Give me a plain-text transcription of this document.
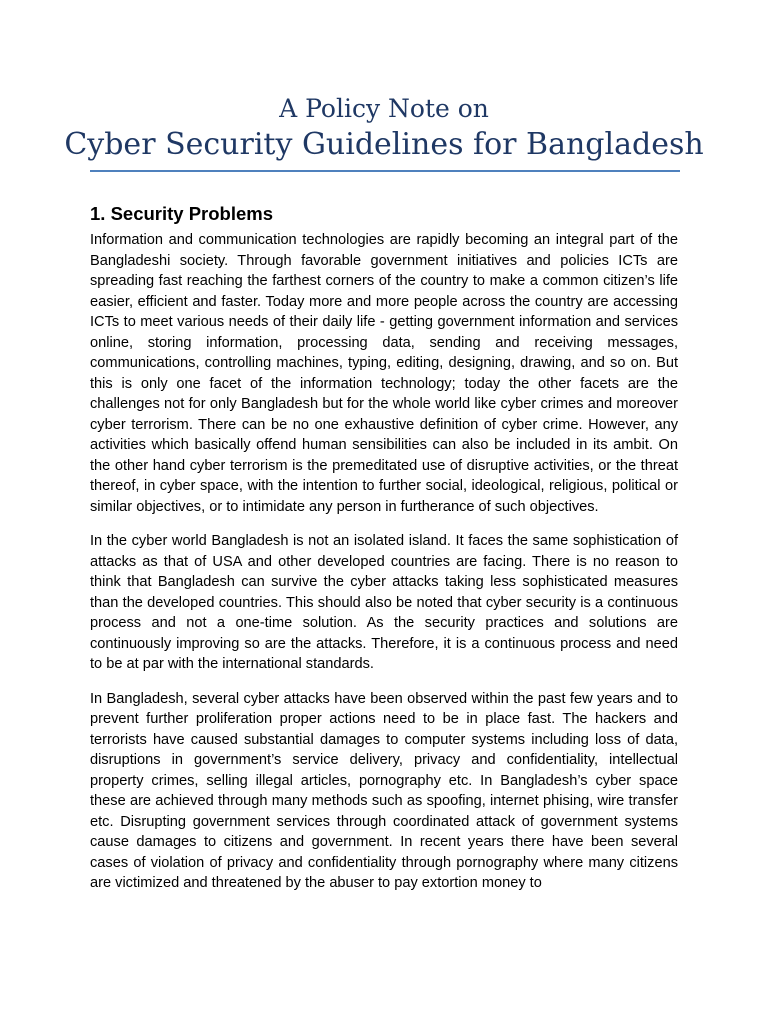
A Policy Note on
Cyber Security Guidelines for Bangladesh
1. Security Problems

Information and communication technologies are rapidly becoming an integral part of the Bangladeshi society. Through favorable government initiatives and policies ICTs are spreading fast reaching the farthest corners of the country to make a common citizen’s life easier, efficient and faster. Today more and more people across the country are accessing ICTs to meet various needs of their daily life - getting government information and services online, storing information, processing data, sending and receiving messages, communications, controlling machines, typing, editing, designing, drawing, and so on. But this is only one facet of the information technology; today the other facets are the challenges not for only Bangladesh but for the whole world like cyber crimes and moreover cyber terrorism. There can be no one exhaustive definition of cyber crime. However, any activities which basically offend human sensibilities can also be included in its ambit. On the other hand cyber terrorism is the premeditated use of disruptive activities, or the threat thereof, in cyber space, with the intention to further social, ideological, religious, political or similar objectives, or to intimidate any person in furtherance of such objectives.

In the cyber world Bangladesh is not an isolated island. It faces the same sophistication of attacks as that of USA and other developed countries are facing. There is no reason to think that Bangladesh can survive the cyber attacks taking less sophisticated measures than the developed countries. This should also be noted that cyber security is a continuous process and not a one-time solution. As the security practices and solutions are continuously improving so are the attacks. Therefore, it is a continuous process and need to be at par with the international standards.

In Bangladesh, several cyber attacks have been observed within the past few years and to prevent further proliferation proper actions need to be in place fast. The hackers and terrorists have caused substantial damages to computer systems including loss of data, disruptions in government’s service delivery, privacy and confidentiality, intellectual property crimes, selling illegal articles, pornography etc. In Bangladesh’s cyber space these are achieved through many methods such as spoofing, internet phising, wire transfer etc. Disrupting government services through coordinated attack of government systems cause damages to citizens and government. In recent years there have been several cases of violation of privacy and confidentiality through pornography where many citizens are victimized and threatened by the abuser to pay extortion money to
